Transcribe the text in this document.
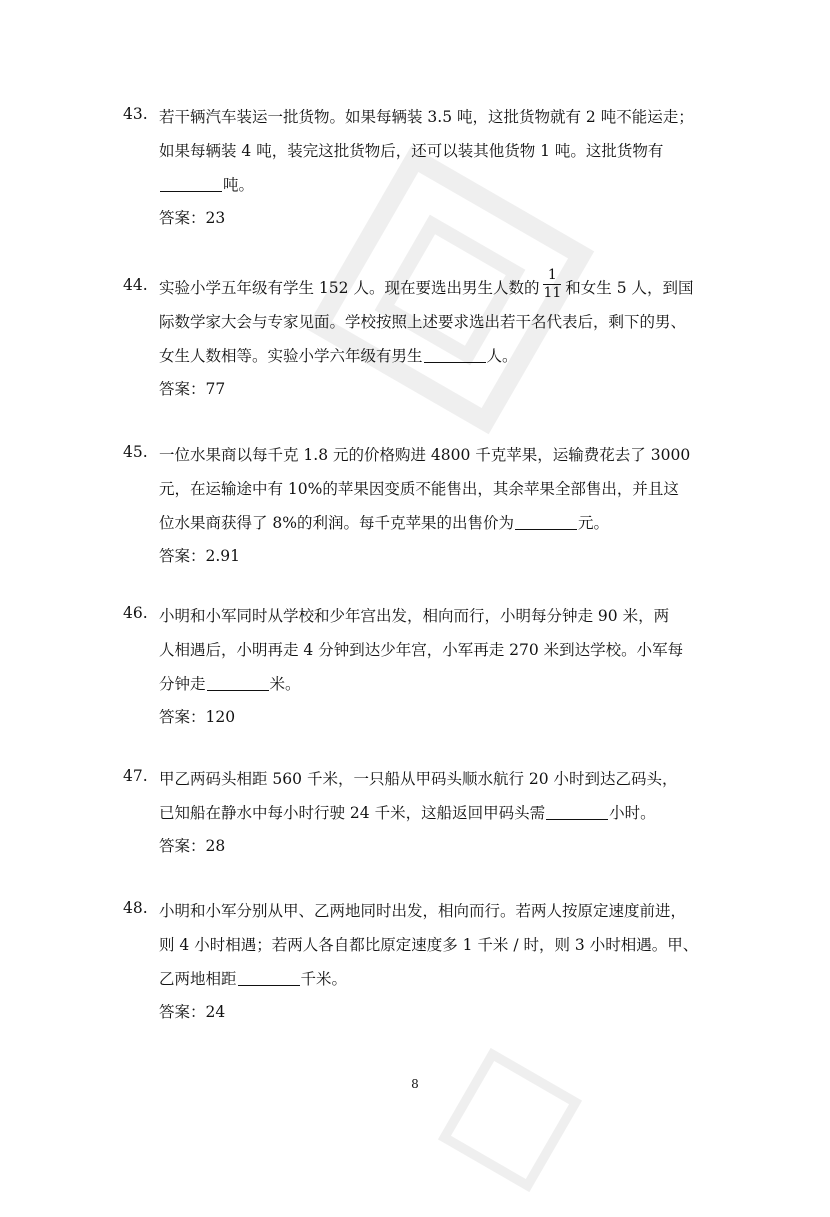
43. 若干辆汽车装运一批货物。如果每辆装 3.5 吨，这批货物就有 2 吨不能运走；
如果每辆装 4 吨，装完这批货物后，还可以装其他货物 1 吨。这批货物有
吨。
答案：23
44. 实验小学五年级有学生 152 人。现在要选出男生人数的 $\frac{1}{11}$ 和女生 5 人，到国
际数学家大会与专家见面。学校按照上述要求选出若干名代表后，剩下的男、
女生人数相等。实验小学六年级有男生	人。
答案：77
45. 一位水果商以每千克 1.8 元的价格购进 4800 千克苹果，运输费花去了 3000
元，在运输途中有 10%的苹果因变质不能售出，其余苹果全部售出，并且这
位水果商获得了 8%的利润。每千克苹果的出售价为	元。
答案：2.91
46. 小明和小军同时从学校和少年宫出发，相向而行，小明每分钟走 90 米，两
人相遇后，小明再走 4 分钟到达少年宫，小军再走 270 米到达学校。小军每
分钟走	米。
答案：120
47. 甲乙两码头相距 560 千米，一只船从甲码头顺水航行 20 小时到达乙码头，
已知船在静水中每小时行驶 24 千米，这船返回甲码头需	小时。
答案：28
48. 小明和小军分别从甲、乙两地同时出发，相向而行。若两人按原定速度前进，
则 4 小时相遇；若两人各自都比原定速度多 1 千米 / 时，则 3 小时相遇。甲、
乙两地相距	千米。
答案：24
8
